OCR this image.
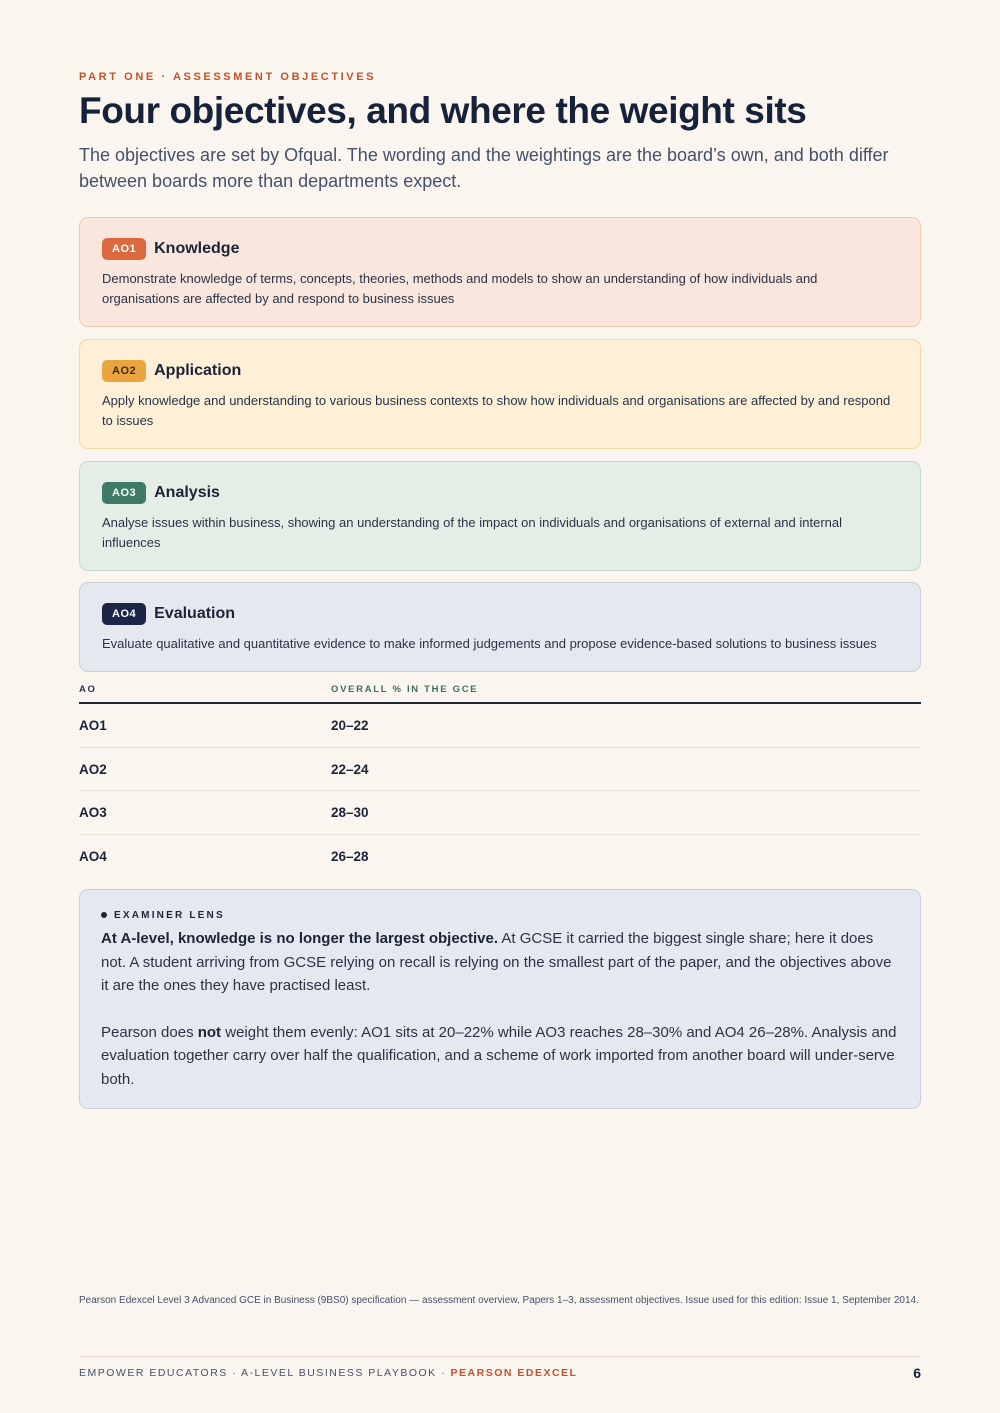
PART ONE · ASSESSMENT OBJECTIVES
Four objectives, and where the weight sits

The objectives are set by Ofqual. The wording and the weightings are the board’s own, and both differ between boards more than departments expect.

AO1	Knowledge
Demonstrate knowledge of terms, concepts, theories, methods and models to show an understanding of how individuals and organisations are affected by and respond to business issues
AO2	Application
Apply knowledge and understanding to various business contexts to show how individuals and organisations are affected by and respond to issues
AO3	Analysis
Analyse issues within business, showing an understanding of the impact on individuals and organisations of external and internal influences
AO4	Evaluation
Evaluate qualitative and quantitative evidence to make informed judgements and propose evidence-based solutions to business issues
AO	OVERALL % IN THE GCE
AO1	20–22
AO2	22–24
AO3	28–30
AO4	26–28
EXAMINER LENS

At A-level, knowledge is no longer the largest objective. At GCSE it carried the biggest single share; here it does not. A student arriving from GCSE relying on recall is relying on the smallest part of the paper, and the objectives above it are the ones they have practised least.

Pearson does not weight them evenly: AO1 sits at 20–22% while AO3 reaches 28–30% and AO4 26–28%. Analysis and evaluation together carry over half the qualification, and a scheme of work imported from another board will under-serve both.

Pearson Edexcel Level 3 Advanced GCE in Business (9BS0) specification — assessment overview, Papers 1–3, assessment objectives. Issue used for this edition: Issue 1, September 2014.
EMPOWER EDUCATORS · A-LEVEL BUSINESS PLAYBOOK · PEARSON EDEXCEL	6
